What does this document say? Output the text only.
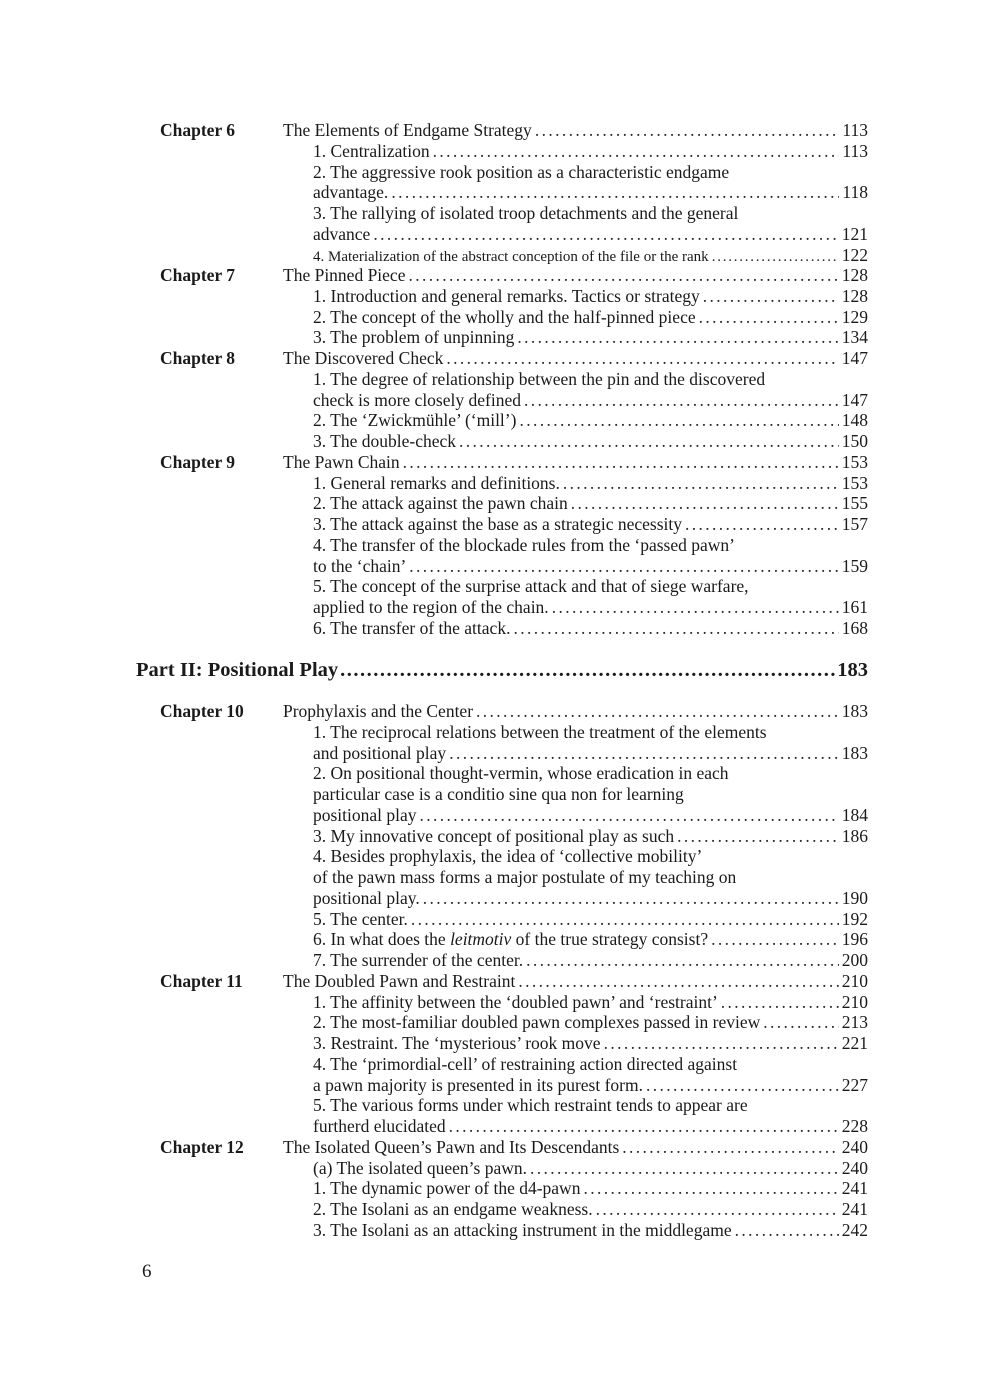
Chapter 6	The Elements of Endgame Strategy . . .	113
1. Centralization . . .	113
2. The aggressive rook position as a characteristic endgame
advantage. . . .	118
3. The rallying of isolated troop detachments and the general
advance . . .	121
4. Materialization of the abstract conception of the file or the rank . . .	122
Chapter 7	The Pinned Piece . . .	128
1. Introduction and general remarks. Tactics or strategy . . .	128
2. The concept of the wholly and the half-pinned piece . . .	129
3. The problem of unpinning . . .	134
Chapter 8	The Discovered Check . . .	147
1. The degree of relationship between the pin and the discovered
check is more closely defined . . .	147
2. The ‘Zwickmühle’ (‘mill’) . . .	148
3. The double-check . . .	150
Chapter 9	The Pawn Chain . . .	153
1. General remarks and definitions. . . .	153
2. The attack against the pawn chain . . .	155
3. The attack against the base as a strategic necessity . . .	157
4. The transfer of the blockade rules from the ‘passed pawn’
to the ‘chain’ . . .	159
5. The concept of the surprise attack and that of siege warfare,
applied to the region of the chain. . . .	161
6. The transfer of the attack. . . .	168
Part II: Positional Play .....	183
Chapter 10 Prophylaxis and the Center . . .	183
1. The reciprocal relations between the treatment of the elements
and positional play . . .	183
2. On positional thought-vermin, whose eradication in each
particular case is a conditio sine qua non for learning
positional play . . .	184
3. My innovative concept of positional play as such . . .	186
4. Besides prophylaxis, the idea of ‘collective mobility’
of the pawn mass forms a major postulate of my teaching on
positional play. . . .	190
5. The center. . . .	192
6. In what does the leitmotiv of the true strategy consist? . . .	196
7. The surrender of the center. . . .	200
Chapter 11 The Doubled Pawn and Restraint . . .	210
1. The affinity between the ‘doubled pawn’ and ‘restraint’ . . .	210
2. The most-familiar doubled pawn complexes passed in review . . .	213
3. Restraint. The ‘mysterious’ rook move . . .	221
4. The ‘primordial-cell’ of restraining action directed against
a pawn majority is presented in its purest form. . . .	227
5. The various forms under which restraint tends to appear are
furtherd elucidated . . .	228
Chapter 12 The Isolated Queen’s Pawn and Its Descendants . . .	240
(a) The isolated queen’s pawn. . . .	240
1. The dynamic power of the d4-pawn . . .	241
2. The Isolani as an endgame weakness. . . .	241
3. The Isolani as an attacking instrument in the middlegame . . .	242
6
